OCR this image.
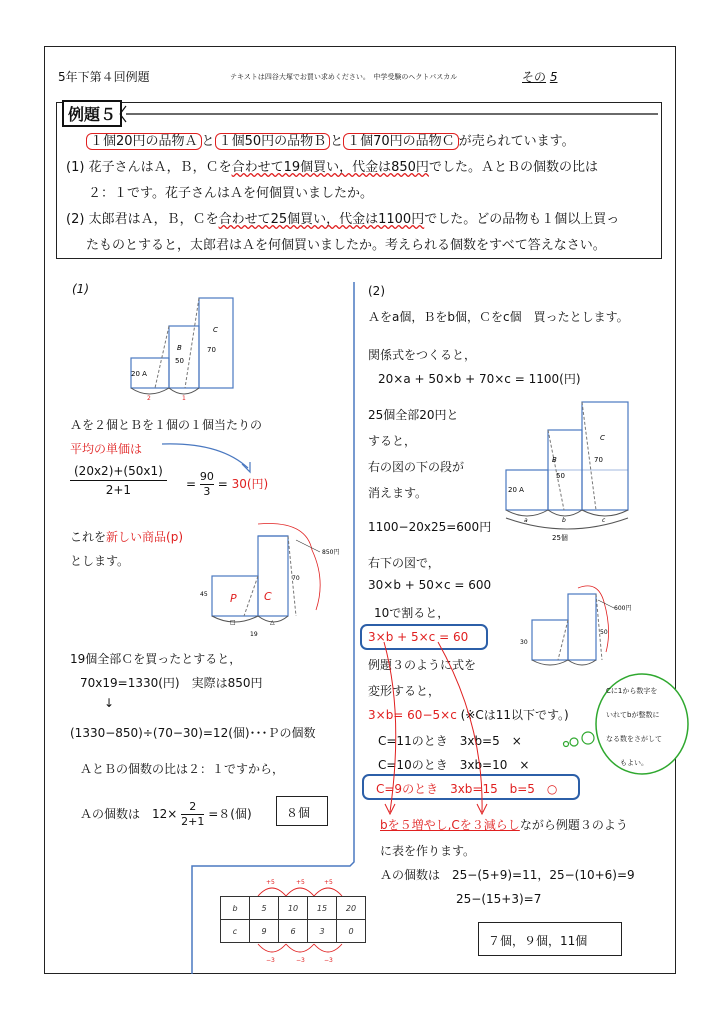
5年下第４回例題	テキストは四谷大塚でお買い求めください。　中学受験のヘクトパスカル	その 5
例題５
１個20円の品物Ａ と １個50円の品物Ｂ と １個70円の品物Ｃ が売られています。
(1) 花子さんはＡ，Ｂ，Ｃを合わせて19個買い，代金は850円でした。ＡとＢの個数の比は
２：１です。花子さんはＡを何個買いましたか。
(2) 太郎君はＡ，Ｂ，Ｃを合わせて25個買い，代金は1100円でした。どの品物も１個以上買っ
たものとすると，太郎君はＡを何個買いましたか。考えられる個数をすべて答えなさい。
(1)
20 A
B
50
C
70
2	1
Ａを２個とＢを１個の１個当たりの
平均の単価は
$\frac{(20x2)+(50x1)}{2+1} = \frac{90}{3} = 30$(円)
これを新しい商品(p)
とします。
850円
45
70
P C
□	△
19
19個全部Ｃを買ったとすると，
70x19=1330(円)　実際は850円
↓
(1330−850)÷(70−30)=12(個)･･･Ｐの個数
ＡとＢの個数の比は２：１ですから，
Ａの個数は　$12\times \frac{2}{2+1} =8$(個)	８個
+5	+5	+5
b	5	10	15	20
c	9	6	3	0
−3	−3	−3
(2)
Ａをa個，Ｂをb個，Ｃをc個　買ったとします。
関係式をつくると，
20×a + 50×b + 70×c = 1100(円)
25個全部20円と
すると，
右の図の下の段が
消えます。	20 A
B
50
C
70
a	b	c
25個
1100−20x25=600円
右下の図で，
30×b + 50×c = 600
10で割ると，
3×b + 5×c = 60
600円
30
50
例題３のように式を
変形すると，
3×b= 60−5×c (※Cは11以下です。)
C=11のとき　3xb=5　×
C=10のとき　3xb=10　×
C=9のとき　3xb=15 b=5　○
bを５増やし,Cを３減らしながら例題３のよう
に表を作ります。
Ａの個数は　25−(5+9)=11，25−(10+6)=9
25−(15+3)=7
７個，９個，11個
Cに1から数字を
いれてbが整数に
なる数をさがして
もよい。
